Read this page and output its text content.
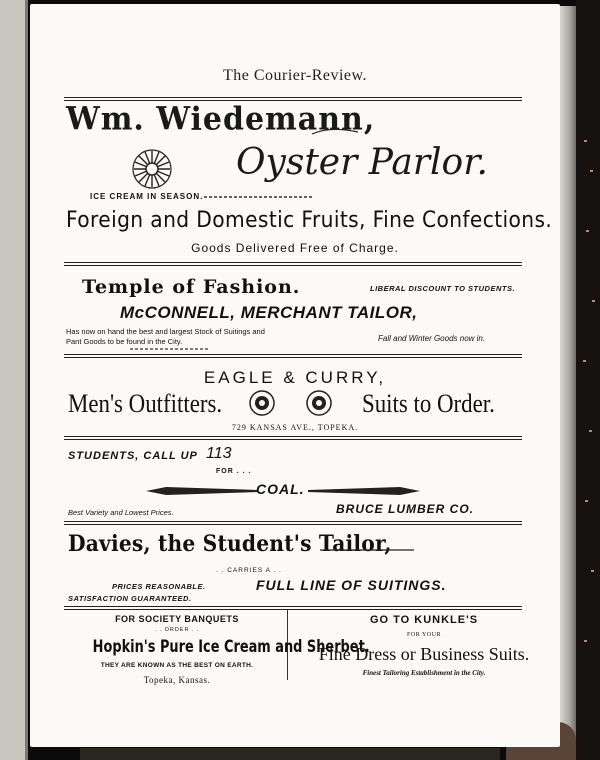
The Courier-Review.
Wm. Wiedemann,
Oyster Parlor.
ICE CREAM IN SEASON.
Foreign and Domestic Fruits, Fine Confections.
Goods Delivered Free of Charge.
Temple of Fashion.	LIBERAL DISCOUNT TO STUDENTS.
McCONNELL, MERCHANT TAILOR,
Has now on hand the best and largest Stock of Suitings and Pant Goods to be found in the City.	Fall and Winter Goods now in.
EAGLE & CURRY,
Men's Outfitters.	Suits to Order.
729 KANSAS AVE., TOPEKA.
STUDENTS, CALL UP 113
FOR . . .
COAL.
Best Variety and Lowest Prices.	BRUCE LUMBER CO.
Davies, the Student's Tailor,
. . CARRIES A . .
PRICES REASONABLE.	FULL LINE OF SUITINGS.
SATISFACTION GUARANTEED.
FOR SOCIETY BANQUETS
. . ORDER . .
Hopkin's Pure Ice Cream and Sherbet.
THEY ARE KNOWN AS THE BEST ON EARTH.
Topeka, Kansas.
GO TO KUNKLE'S
FOR YOUR
Fine Dress or Business Suits.
Finest Tailoring Establishment in the City.
